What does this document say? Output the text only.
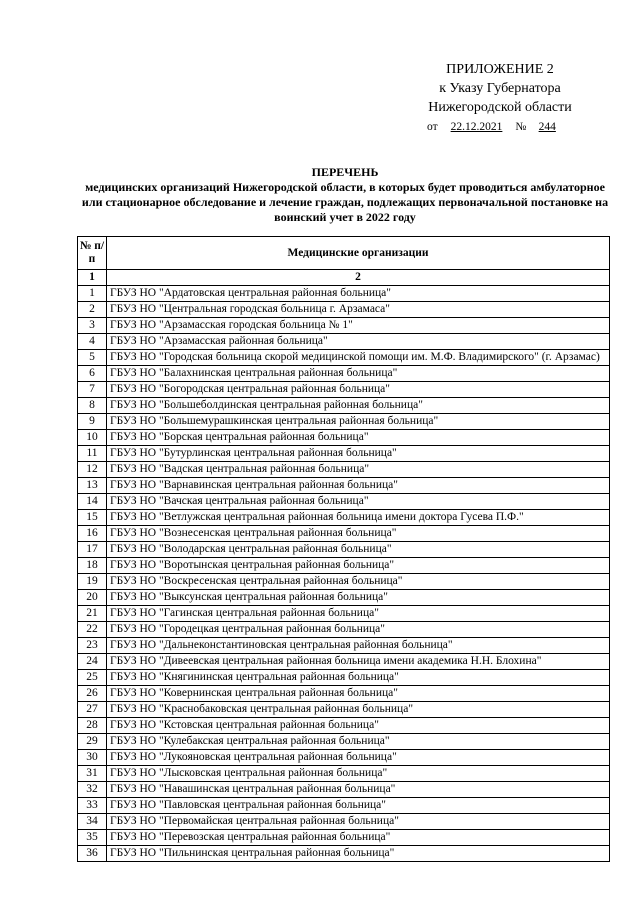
ПРИЛОЖЕНИЕ 2
к Указу Губернатора
Нижегородской области
от 22.12.2021 № 244
ПЕРЕЧЕНЬ
медицинских организаций Нижегородской области, в которых будет проводиться амбулаторное или стационарное обследование и лечение граждан, подлежащих первоначальной постановке на воинский учет в 2022 году
№ п/п	Медицинские организации
1	2
1	ГБУЗ НО "Ардатовская центральная районная больница"
2	ГБУЗ НО "Центральная городская больница г. Арзамаса"
3	ГБУЗ НО "Арзамасская городская больница № 1"
4	ГБУЗ НО "Арзамасская районная больница"
5	ГБУЗ НО "Городская больница скорой медицинской помощи им. М.Ф. Владимирского" (г. Арзамас)
6	ГБУЗ НО "Балахнинская центральная районная больница"
7	ГБУЗ НО "Богородская центральная районная больница"
8	ГБУЗ НО "Большеболдинская центральная районная больница"
9	ГБУЗ НО "Большемурашкинская центральная районная больница"
10	ГБУЗ НО "Борская центральная районная больница"
11	ГБУЗ НО "Бутурлинская центральная районная больница"
12	ГБУЗ НО "Вадская центральная районная больница"
13	ГБУЗ НО "Варнавинская центральная районная больница"
14	ГБУЗ НО "Вачская центральная районная больница"
15	ГБУЗ НО "Ветлужская центральная районная больница имени доктора Гусева П.Ф."
16	ГБУЗ НО "Вознесенская центральная районная больница"
17	ГБУЗ НО "Володарская центральная районная больница"
18	ГБУЗ НО "Воротынская центральная районная больница"
19	ГБУЗ НО "Воскресенская центральная районная больница"
20	ГБУЗ НО "Выксунская центральная районная больница"
21	ГБУЗ НО "Гагинская центральная районная больница"
22	ГБУЗ НО "Городецкая центральная районная больница"
23	ГБУЗ НО "Дальнеконстантиновская центральная районная больница"
24	ГБУЗ НО "Дивеевская центральная районная больница имени академика Н.Н. Блохина"
25	ГБУЗ НО "Княгининская центральная районная больница"
26	ГБУЗ НО "Ковернинская центральная районная больница"
27	ГБУЗ НО "Краснобаковская центральная районная больница"
28	ГБУЗ НО "Кстовская центральная районная больница"
29	ГБУЗ НО "Кулебакская центральная районная больница"
30	ГБУЗ НО "Лукояновская центральная районная больница"
31	ГБУЗ НО "Лысковская центральная районная больница"
32	ГБУЗ НО "Навашинская центральная районная больница"
33	ГБУЗ НО "Павловская центральная районная больница"
34	ГБУЗ НО "Первомайская центральная районная больница"
35	ГБУЗ НО "Перевозская центральная районная больница"
36	ГБУЗ НО "Пильнинская центральная районная больница"
